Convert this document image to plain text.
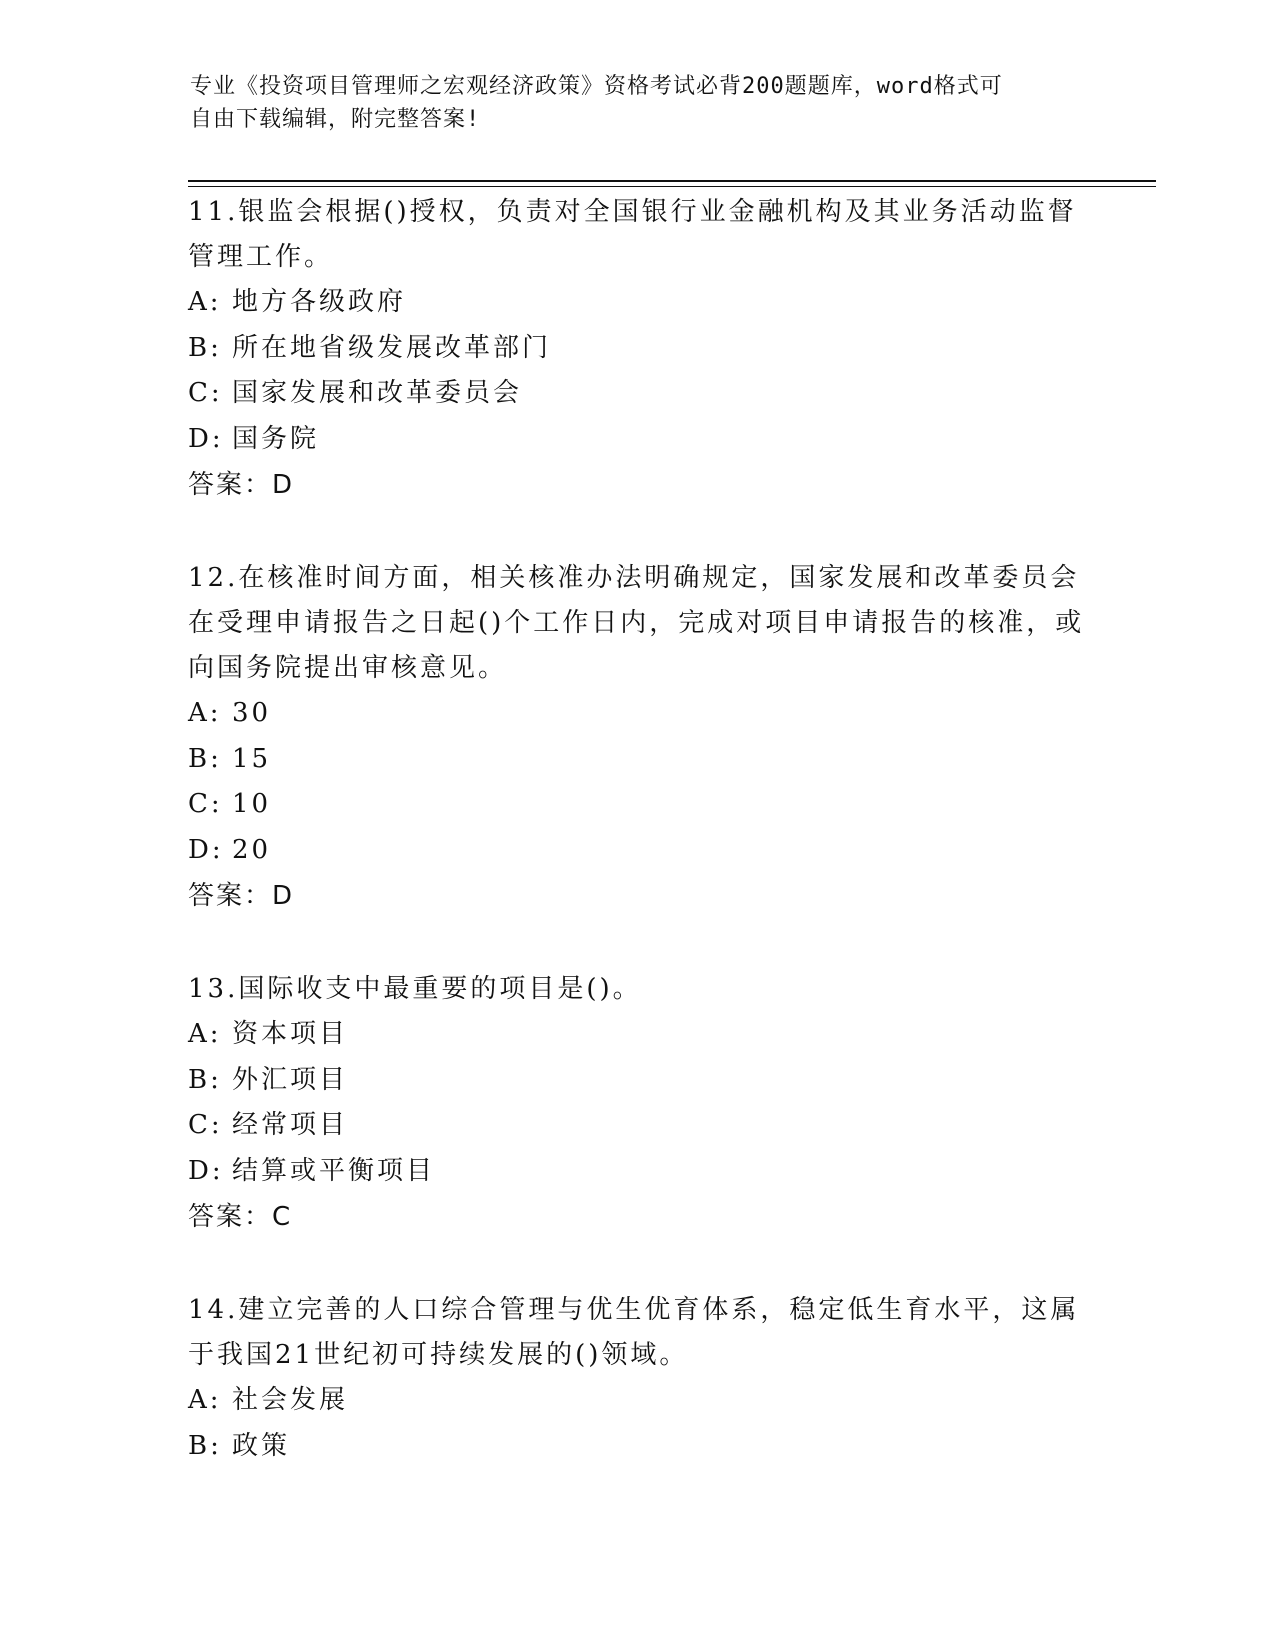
专业《投资项目管理师之宏观经济政策》资格考试必背200题题库，word格式可
自由下载编辑，附完整答案!

11.银监会根据()授权，负责对全国银行业金融机构及其业务活动监督管理工作。

A: 地方各级政府

B: 所在地省级发展改革部门

C: 国家发展和改革委员会

D: 国务院

答案：D

12.在核准时间方面，相关核准办法明确规定，国家发展和改革委员会在受理申请报告之日起()个工作日内，完成对项目申请报告的核准，或向国务院提出审核意见。

A: 30

B: 15

C: 10

D: 20

答案：D

13.国际收支中最重要的项目是()。

A: 资本项目

B: 外汇项目

C: 经常项目

D: 结算或平衡项目

答案：C

14.建立完善的人口综合管理与优生优育体系，稳定低生育水平，这属于我国21世纪初可持续发展的()领域。

A: 社会发展

B: 政策
